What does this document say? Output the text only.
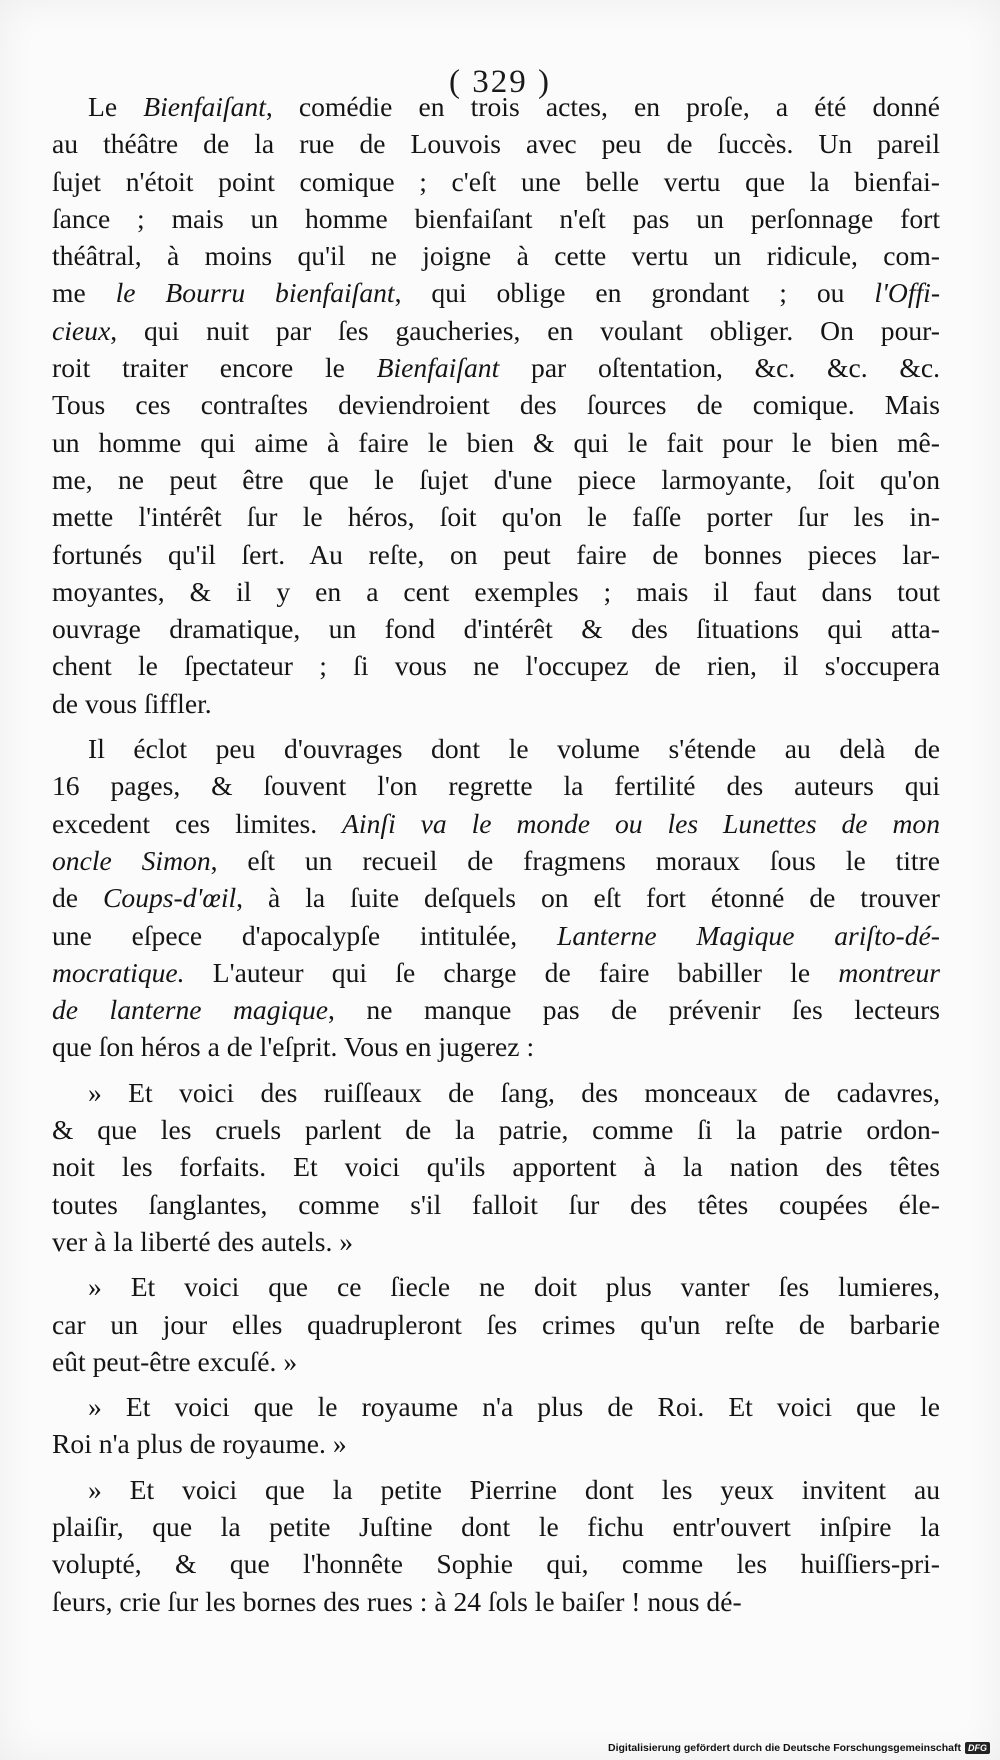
( 329 )
Le Bienfaiſant, comédie en trois actes, en proſe, a été donné
au théâtre de la rue de Louvois avec peu de ſuccès. Un pareil
ſujet n'étoit point comique ; c'eſt une belle vertu que la bienfai-
ſance ; mais un homme bienfaiſant n'eſt pas un perſonnage fort
théâtral, à moins qu'il ne joigne à cette vertu un ridicule, com-
me le Bourru bienfaiſant, qui oblige en grondant ; ou l'Offi-
cieux, qui nuit par ſes gaucheries, en voulant obliger. On pour-
roit traiter encore le Bienfaiſant par oſtentation, &c. &c. &c.
Tous ces contraſtes deviendroient des ſources de comique. Mais
un homme qui aime à faire le bien & qui le fait pour le bien mê-
me, ne peut être que le ſujet d'une piece larmoyante, ſoit qu'on
mette l'intérêt ſur le héros, ſoit qu'on le faſſe porter ſur les in-
fortunés qu'il ſert. Au reſte, on peut faire de bonnes pieces lar-
moyantes, & il y en a cent exemples ; mais il faut dans tout
ouvrage dramatique, un fond d'intérêt & des ſituations qui atta-
chent le ſpectateur ; ſi vous ne l'occupez de rien, il s'occupera
de vous ſiffler.
Il éclot peu d'ouvrages dont le volume s'étende au delà de
16 pages, & ſouvent l'on regrette la fertilité des auteurs qui
excedent ces limites. Ainſi va le monde ou les Lunettes de mon
oncle Simon, eſt un recueil de fragmens moraux ſous le titre
de Coups-d'œil, à la ſuite deſquels on eſt fort étonné de trouver
une eſpece d'apocalypſe intitulée, Lanterne Magique ariſto-dé-
mocratique. L'auteur qui ſe charge de faire babiller le montreur
de lanterne magique, ne manque pas de prévenir ſes lecteurs
que ſon héros a de l'eſprit. Vous en jugerez :
» Et voici des ruiſſeaux de ſang, des monceaux de cadavres,
& que les cruels parlent de la patrie, comme ſi la patrie ordon-
noit les forfaits. Et voici qu'ils apportent à la nation des têtes
toutes ſanglantes, comme s'il falloit ſur des têtes coupées éle-
ver à la liberté des autels. »
» Et voici que ce ſiecle ne doit plus vanter ſes lumieres,
car un jour elles quadrupleront ſes crimes qu'un reſte de barbarie
eût peut-être excuſé. »
» Et voici que le royaume n'a plus de Roi. Et voici que le
Roi n'a plus de royaume. »
» Et voici que la petite Pierrine dont les yeux invitent au
plaiſir, que la petite Juſtine dont le fichu entr'ouvert inſpire la
volupté, & que l'honnête Sophie qui, comme les huiſſiers-pri-
ſeurs, crie ſur les bornes des rues : à 24 ſols le baiſer ! nous dé-
Digitalisierung gefördert durch die Deutsche Forschungsgemeinschaft DFG
